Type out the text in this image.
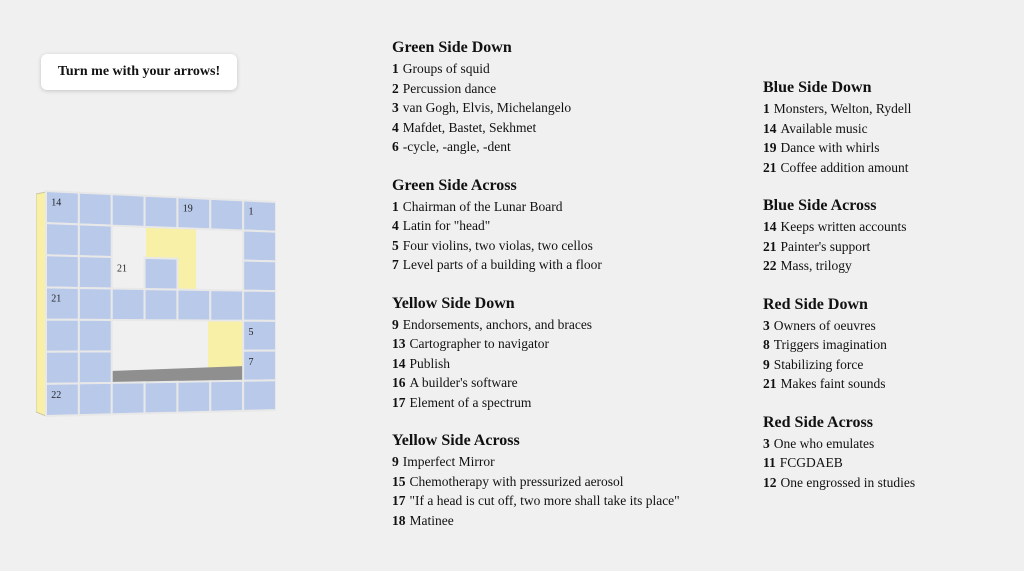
Turn me with your arrows!
14
19	1
21
21
5
7
22
Green Side Down
1 Groups of squid
2 Percussion dance
3 van Gogh, Elvis, Michelangelo
4 Mafdet, Bastet, Sekhmet
6 -cycle, -angle, -dent
Green Side Across
1 Chairman of the Lunar Board
4 Latin for "head"
5 Four violins, two violas, two cellos
7 Level parts of a building with a floor
Yellow Side Down
9 Endorsements, anchors, and braces
13 Cartographer to navigator
14 Publish
16 A builder's software
17 Element of a spectrum
Yellow Side Across
9 Imperfect Mirror
15 Chemotherapy with pressurized aerosol
17 "If a head is cut off, two more shall take its place"
18 Matinee
Blue Side Down
1 Monsters, Welton, Rydell
14 Available music
19 Dance with whirls
21 Coffee addition amount
Blue Side Across
14 Keeps written accounts
21 Painter's support
22 Mass, trilogy
Red Side Down
3 Owners of oeuvres
8 Triggers imagination
9 Stabilizing force
21 Makes faint sounds
Red Side Across
3 One who emulates
11 FCGDAEB
12 One engrossed in studies
